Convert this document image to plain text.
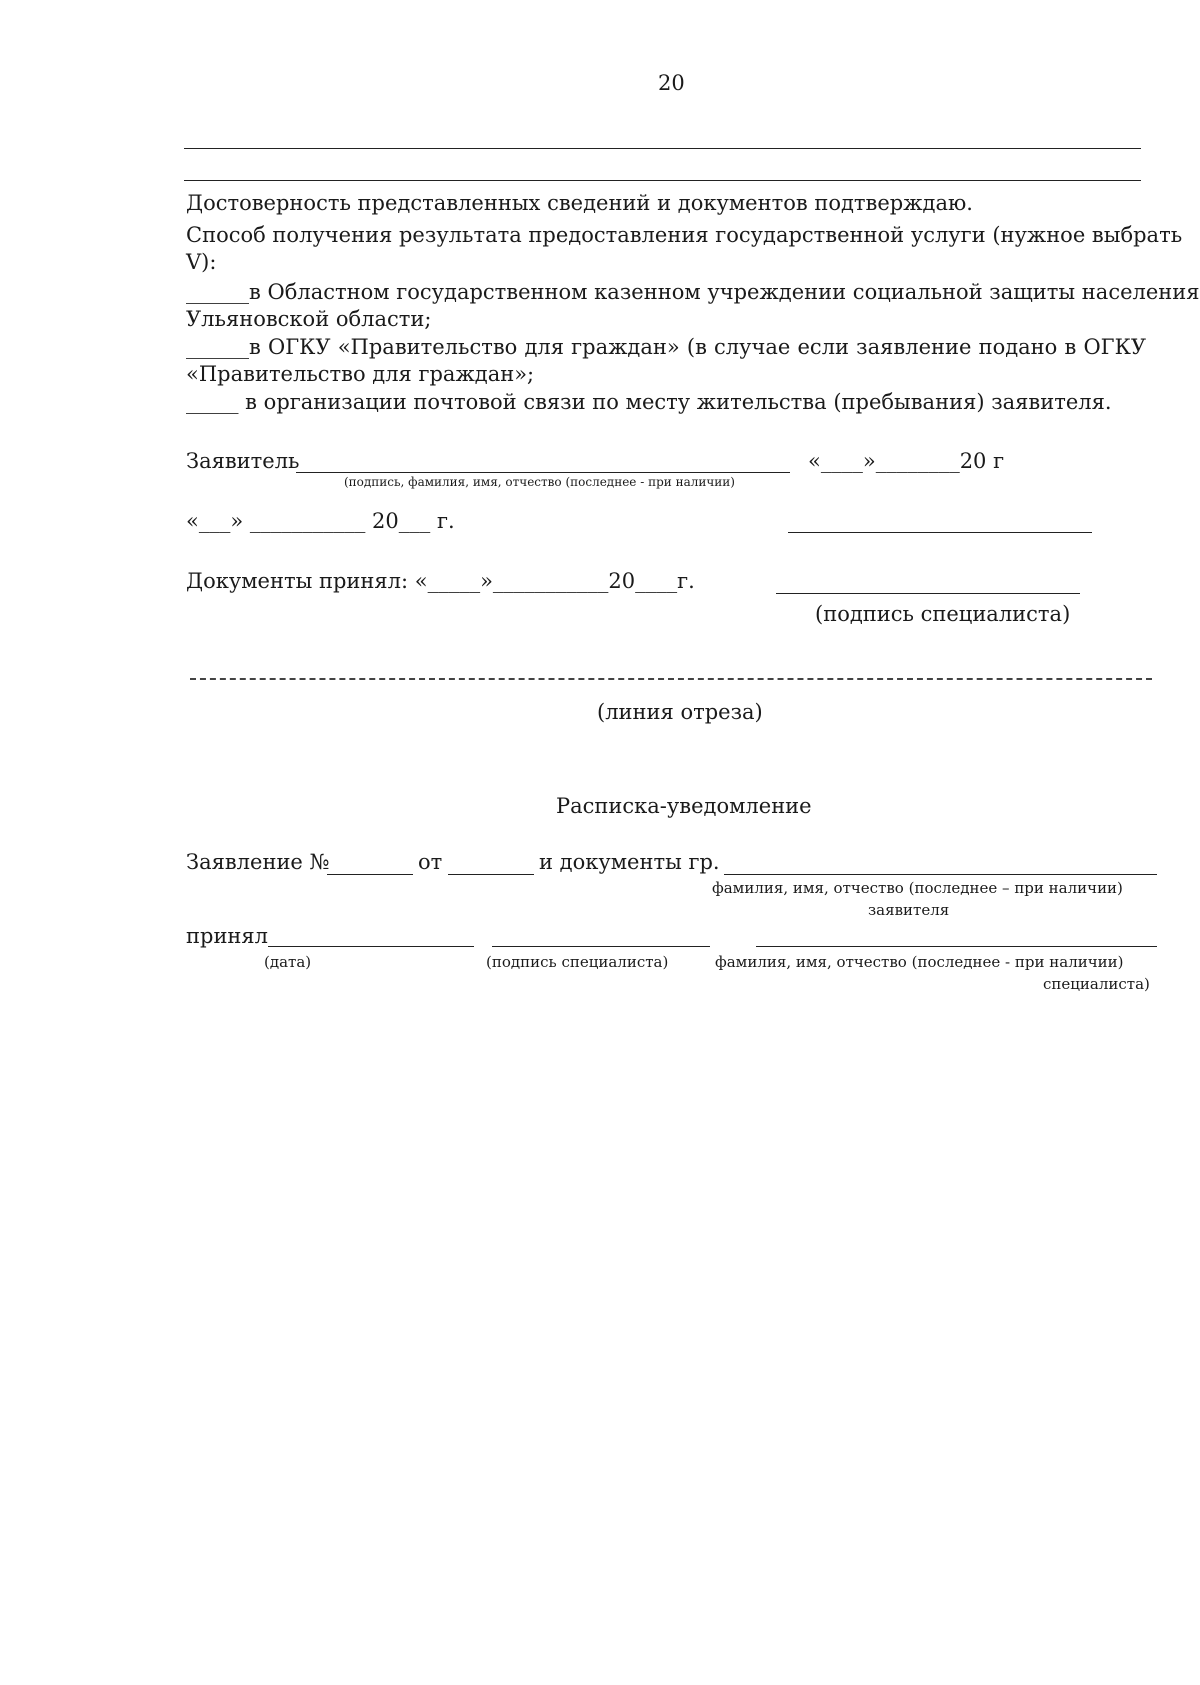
20
Достоверность представленных сведений и документов подтверждаю.
Способ получения результата предоставления государственной услуги (нужное выбрать
V):
______в Областном государственном казенном учреждении социальной защиты населения
Ульяновской области;
______в ОГКУ «Правительство для граждан» (в случае если заявление подано в ОГКУ
«Правительство для граждан»;
_____ в организации почтовой связи по месту жительства (пребывания) заявителя.
Заявитель	«____»________20 г
(подпись, фамилия, имя, отчество (последнее - при наличии)
«___» ___________ 20___ г.
Документы принял: «_____»___________20____г.
(подпись специалиста)
(линия отреза)
Расписка-уведомление
Заявление №	от	и документы гр.
фамилия, имя, отчество (последнее – при наличии)
заявителя
принял
(дата)	(подпись специалиста)	фамилия, имя, отчество (последнее - при наличии)
специалиста)
